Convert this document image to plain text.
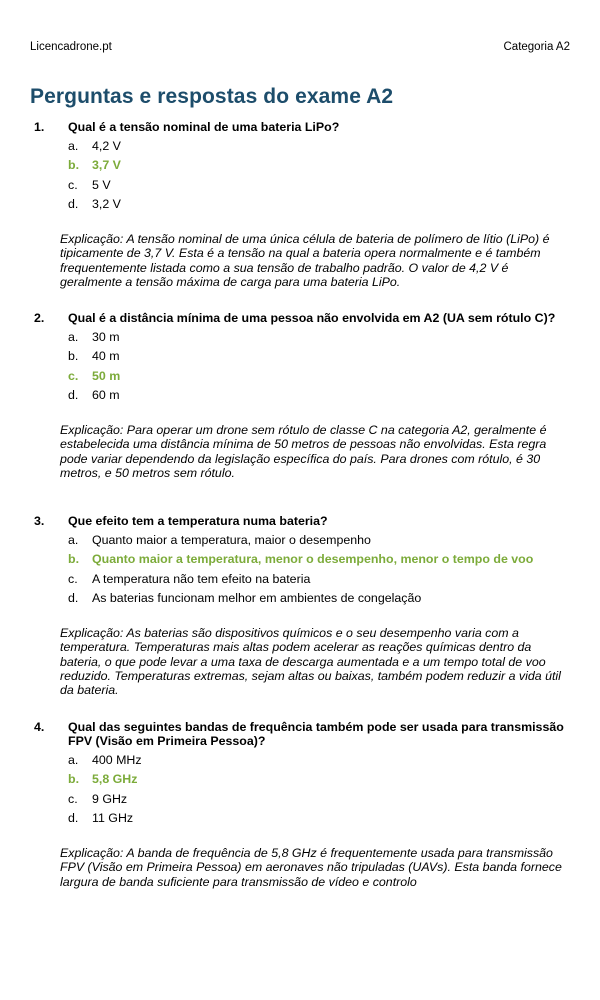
Licencadrone.pt	Categoria A2
Perguntas e respostas do exame A2
1. Qual é a tensão nominal de uma bateria LiPo?
a. 4,2 V
b. 3,7 V
c. 5 V
d. 3,2 V

Explicação: A tensão nominal de uma única célula de bateria de polímero de lítio (LiPo) é tipicamente de 3,7 V. Esta é a tensão na qual a bateria opera normalmente e é também frequentemente listada como a sua tensão de trabalho padrão. O valor de 4,2 V é geralmente a tensão máxima de carga para uma bateria LiPo.

2. Qual é a distância mínima de uma pessoa não envolvida em A2 (UA sem rótulo C)?
a. 30 m
b. 40 m
c. 50 m
d. 60 m

Explicação: Para operar um drone sem rótulo de classe C na categoria A2, geralmente é estabelecida uma distância mínima de 50 metros de pessoas não envolvidas. Esta regra pode variar dependendo da legislação específica do país. Para drones com rótulo, é 30 metros, e 50 metros sem rótulo.

3. Que efeito tem a temperatura numa bateria?
a. Quanto maior a temperatura, maior o desempenho
b. Quanto maior a temperatura, menor o desempenho, menor o tempo de voo
c. A temperatura não tem efeito na bateria
d. As baterias funcionam melhor em ambientes de congelação

Explicação: As baterias são dispositivos químicos e o seu desempenho varia com a temperatura. Temperaturas mais altas podem acelerar as reações químicas dentro da bateria, o que pode levar a uma taxa de descarga aumentada e a um tempo total de voo reduzido. Temperaturas extremas, sejam altas ou baixas, também podem reduzir a vida útil da bateria.

4. Qual das seguintes bandas de frequência também pode ser usada para transmissão FPV (Visão em Primeira Pessoa)?
a. 400 MHz
b. 5,8 GHz
c. 9 GHz
d. 11 GHz

Explicação: A banda de frequência de 5,8 GHz é frequentemente usada para transmissão FPV (Visão em Primeira Pessoa) em aeronaves não tripuladas (UAVs). Esta banda fornece largura de banda suficiente para transmissão de vídeo e controlo
